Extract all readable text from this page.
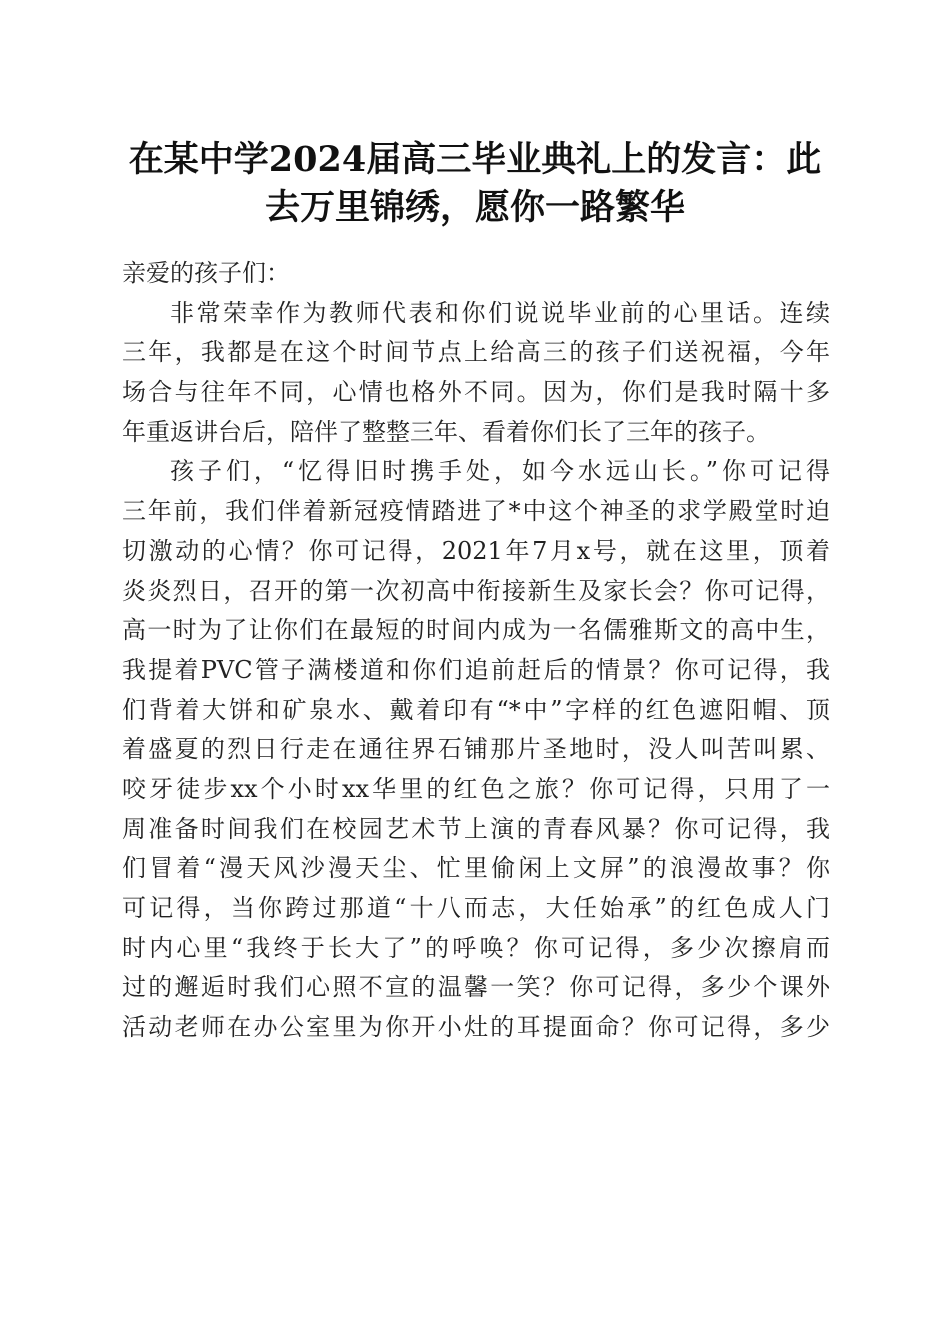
在某中学2024届高三毕业典礼上的发言：此
去万里锦绣，愿你一路繁华
亲爱的孩子们：
非常荣幸作为教师代表和你们说说毕业前的心里话。连续
三年，我都是在这个时间节点上给高三的孩子们送祝福，今年
场合与往年不同，心情也格外不同。因为，你们是我时隔十多
年重返讲台后，陪伴了整整三年、看着你们长了三年的孩子。
孩子们，“忆得旧时携手处，如今水远山长。”你可记得
三年前，我们伴着新冠疫情踏进了*中这个神圣的求学殿堂时迫
切激动的心情？你可记得，2021年7月x号，就在这里，顶着
炎炎烈日，召开的第一次初高中衔接新生及家长会？你可记得，
高一时为了让你们在最短的时间内成为一名儒雅斯文的高中生，
我提着PVC管子满楼道和你们追前赶后的情景？你可记得，我
们背着大饼和矿泉水、戴着印有“*中”字样的红色遮阳帽、顶
着盛夏的烈日行走在通往界石铺那片圣地时，没人叫苦叫累、
咬牙徒步xx个小时xx华里的红色之旅？你可记得，只用了一
周准备时间我们在校园艺术节上演的青春风暴？你可记得，我
们冒着“漫天风沙漫天尘、忙里偷闲上文屏”的浪漫故事？你
可记得，当你跨过那道“十八而志，大任始承”的红色成人门
时内心里“我终于长大了”的呼唤？你可记得，多少次擦肩而
过的邂逅时我们心照不宣的温馨一笑？你可记得，多少个课外
活动老师在办公室里为你开小灶的耳提面命？你可记得，多少
